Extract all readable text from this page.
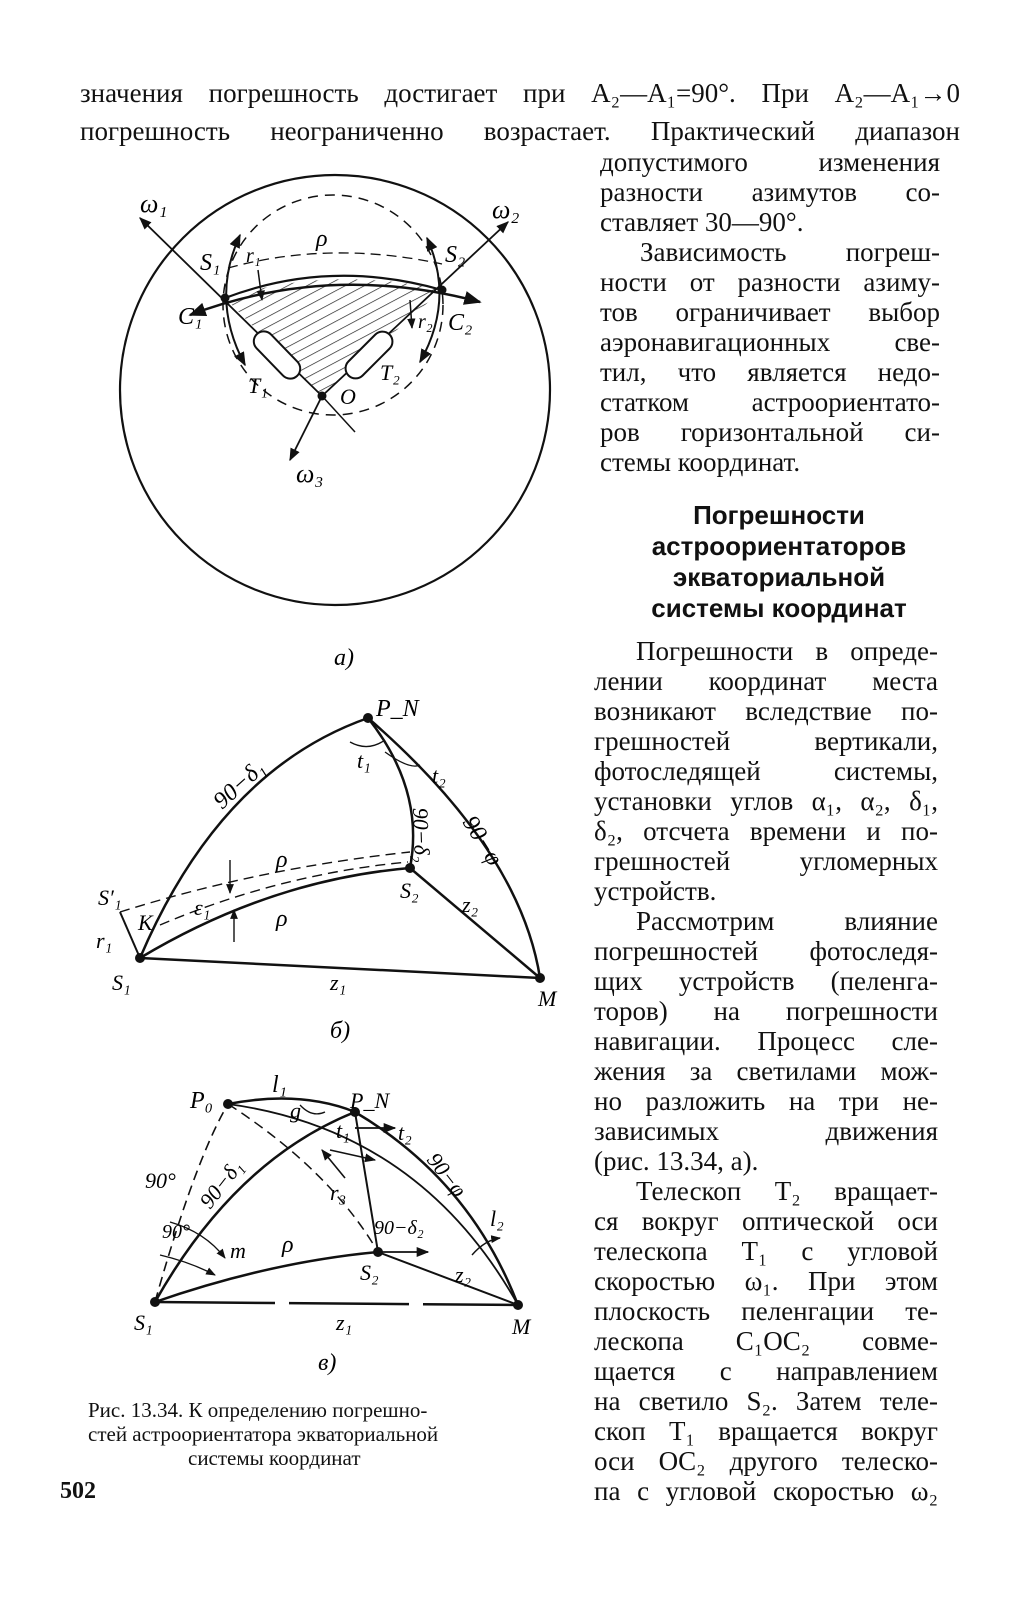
значения погрешность достигает при A₂—A₁=90°. При A₂—A₁→0
погрешность неограниченно возрастает. Практический диапазон
допустимого изменения
разности азимутов со-
ставляет 30—90°.
Зависимость погреш-
ности от разности азиму-
тов ограничивает выбор
аэронавигационных све-
тил, что является недо-
статком астроориентато-
ров горизонтальной си-
стемы координат.
Погрешности
астроориентаторов
экваториальной
системы координат
Погрешности в опреде-
лении координат места
возникают вследствие по-
грешностей вертикали,
фотоследящей системы,
установки углов α₁, α₂, δ₁,
δ₂, отсчета времени и по-
грешностей угломерных
устройств.
Рассмотрим влияние
погрешностей фотоследя-
щих устройств (пеленга-
торов) на погрешности
навигации. Процесс сле-
жения за светилами мож-
но разложить на три не-
зависимых движения
(рис. 13.34, а).
Телескоп T₂ вращает-
ся вокруг оптической оси
телескопа T₁ с угловой
скоростью ω₁. При этом
плоскость пеленгации те-
лескопа C₁OC₂ совме-
щается с направлением
на светило S₂. Затем теле-
скоп T₁ вращается вокруг
оси OC₂ другого телеско-
па с угловой скоростью ω₂
ω₁	ω₂
ω₃
S₁	S₂
C₁	C₂
T₁
T₂
O
ρ
r₁
r₂
а)
P_N
t₁
t₂
90−δ₁
90−δ₂ 90−φ
ρ
ρ
S′₁
K
ε₁
r₁
S₁
S₂
z₁
z₂
M
б)
P₀
l₁
P_N
g
t₁ t₂
90° 90−δ₁	r₃	90−φ
l₂
90°
m ρ
90−δ₂
S₂	z₂
S₁	z₁	M
в)
Рис. 13.34. К определению погрешно-
стей астроориентатора экваториальной
системы координат
502
